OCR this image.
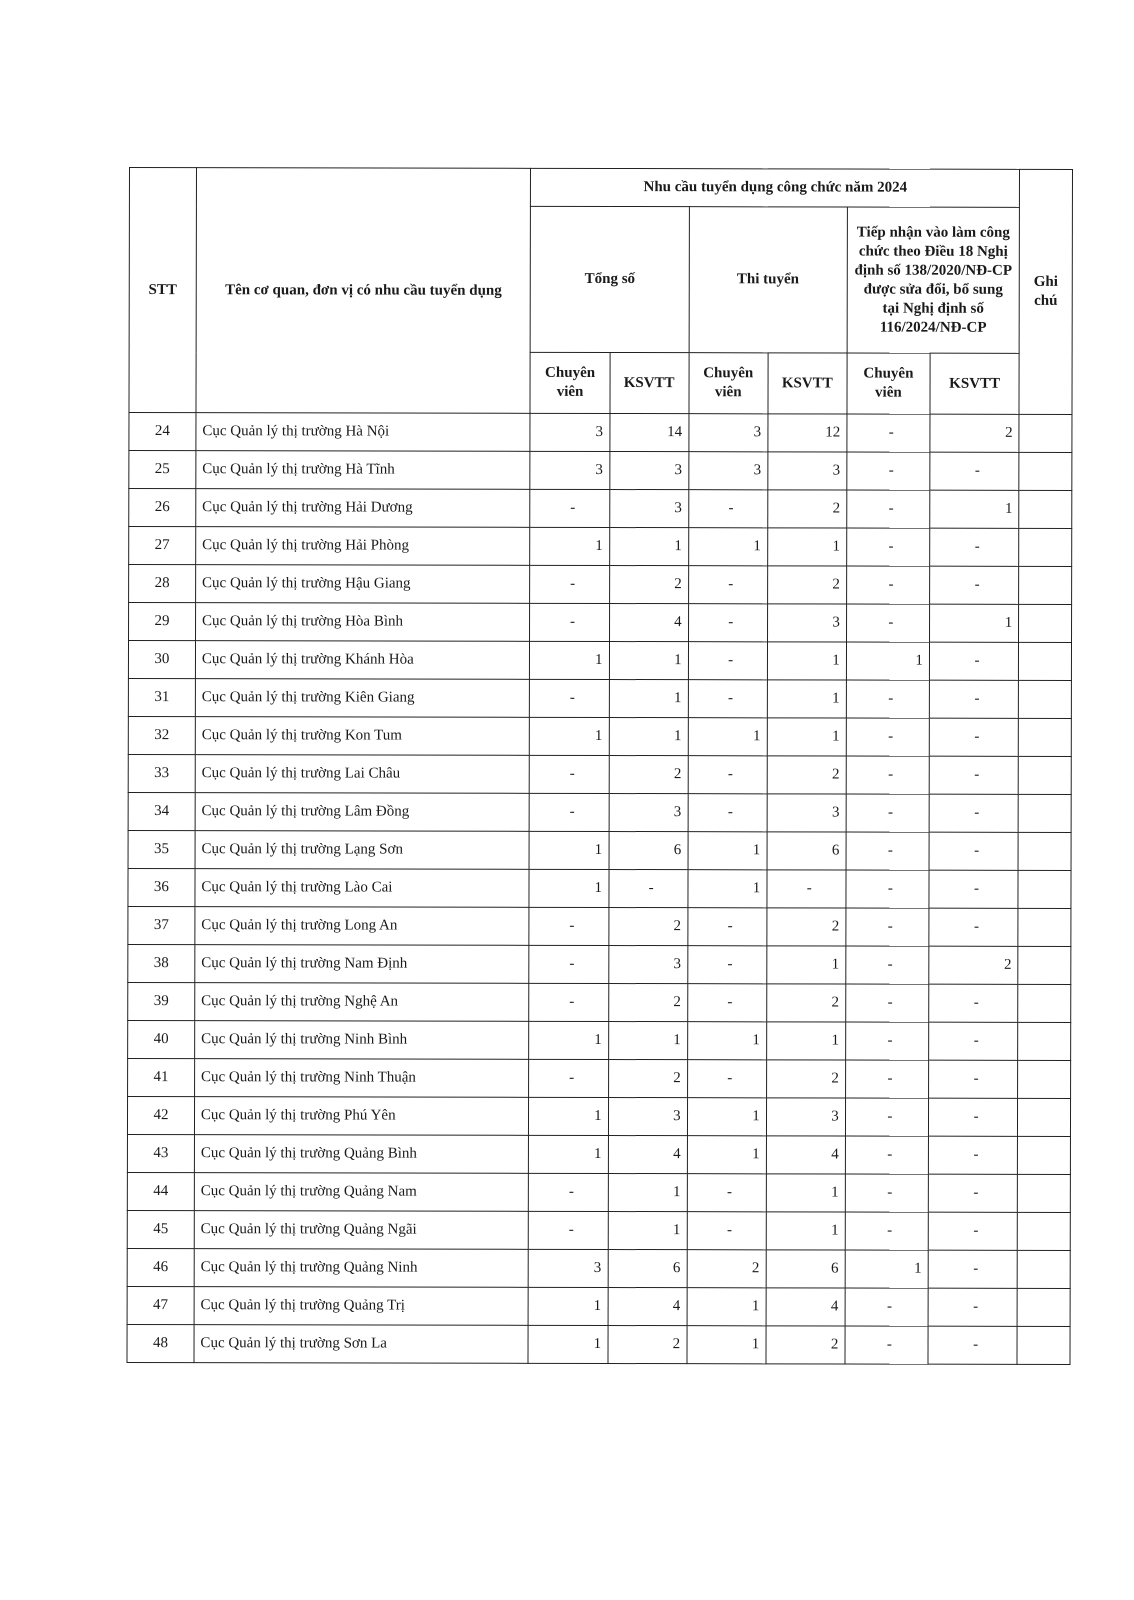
STT	Tên cơ quan, đơn vị có nhu cầu tuyển dụng	Nhu cầu tuyển dụng công chức năm 2024						Ghi chú
		Tổng số		Thi tuyển		Tiếp nhận vào làm công chức theo Điều 18 Nghị định số 138/2020/NĐ-CP được sửa đổi, bổ sung tại Nghị định số 116/2024/NĐ-CP		
		Chuyên viên	KSVTT	Chuyên viên	KSVTT	Chuyên viên	KSVTT	
24	Cục Quản lý thị trường Hà Nội	3	14	3	12	-	2	
25	Cục Quản lý thị trường Hà Tĩnh	3	3	3	3	-	-	
26	Cục Quản lý thị trường Hải Dương	-	3	-	2	-	1	
27	Cục Quản lý thị trường Hải Phòng	1	1	1	1	-	-	
28	Cục Quản lý thị trường Hậu Giang	-	2	-	2	-	-	
29	Cục Quản lý thị trường Hòa Bình	-	4	-	3	-	1	
30	Cục Quản lý thị trường Khánh Hòa	1	1	-	1	1	-	
31	Cục Quản lý thị trường Kiên Giang	-	1	-	1	-	-	
32	Cục Quản lý thị trường Kon Tum	1	1	1	1	-	-	
33	Cục Quản lý thị trường Lai Châu	-	2	-	2	-	-	
34	Cục Quản lý thị trường Lâm Đồng	-	3	-	3	-	-	
35	Cục Quản lý thị trường Lạng Sơn	1	6	1	6	-	-	
36	Cục Quản lý thị trường Lào Cai	1	-	1	-	-	-	
37	Cục Quản lý thị trường Long An	-	2	-	2	-	-	
38	Cục Quản lý thị trường Nam Định	-	3	-	1	-	2	
39	Cục Quản lý thị trường Nghệ An	-	2	-	2	-	-	
40	Cục Quản lý thị trường Ninh Bình	1	1	1	1	-	-	
41	Cục Quản lý thị trường Ninh Thuận	-	2	-	2	-	-	
42	Cục Quản lý thị trường Phú Yên	1	3	1	3	-	-	
43	Cục Quản lý thị trường Quảng Bình	1	4	1	4	-	-	
44	Cục Quản lý thị trường Quảng Nam	-	1	-	1	-	-	
45	Cục Quản lý thị trường Quảng Ngãi	-	1	-	1	-	-	
46	Cục Quản lý thị trường Quảng Ninh	3	6	2	6	1	-	
47	Cục Quản lý thị trường Quảng Trị	1	4	1	4	-	-	
48	Cục Quản lý thị trường Sơn La	1	2	1	2	-	-	
